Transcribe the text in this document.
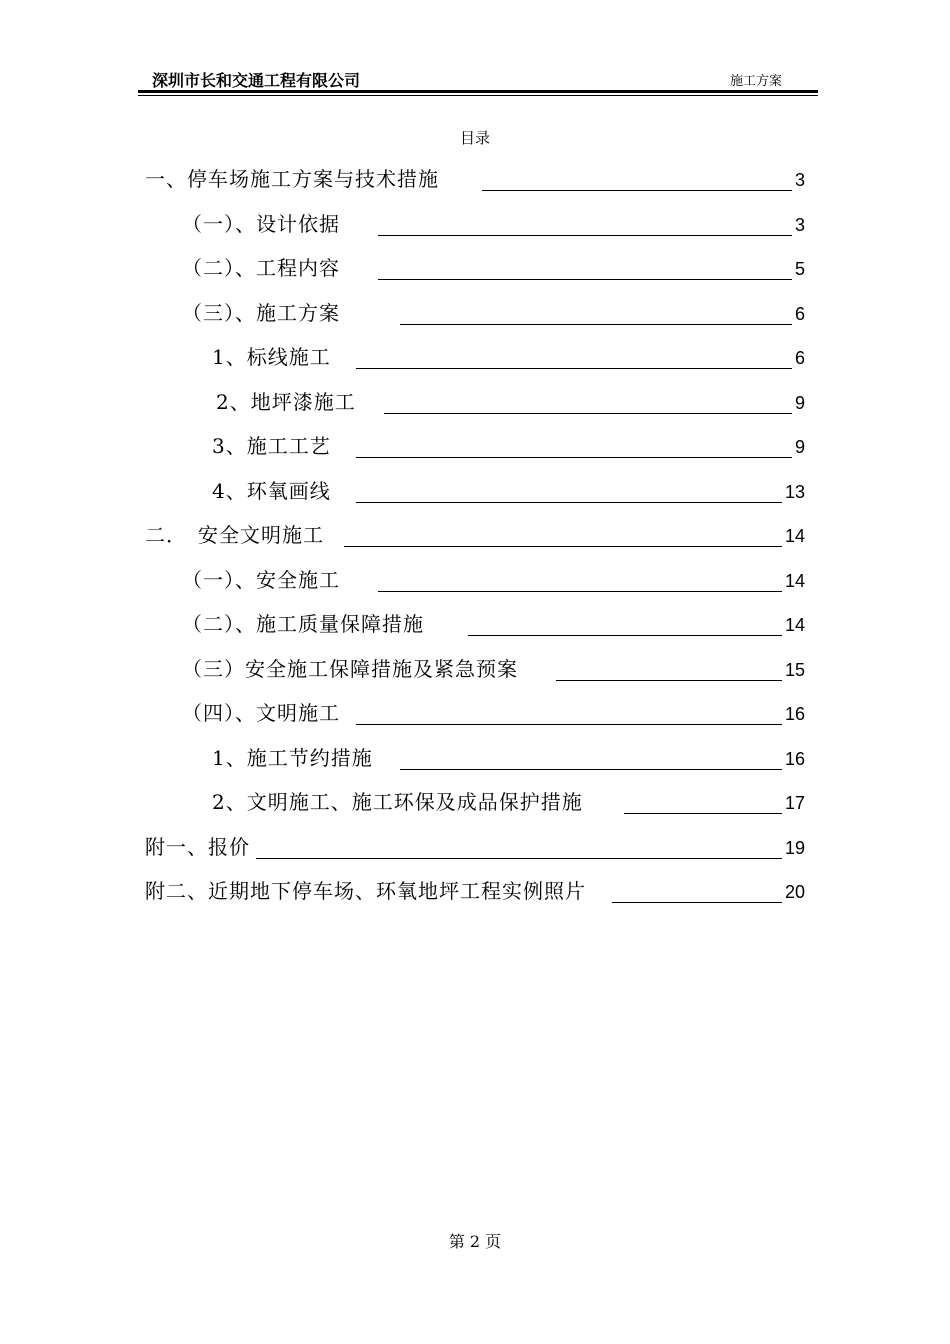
深圳市长和交通工程有限公司	施工方案
目录
一、停车场施工方案与技术措施	3
（一）、设计依据	3
（二）、工程内容	5
（三）、施工方案	6
1、标线施工	6
2、地坪漆施工	9
3、施工工艺	9
4、环氧画线	13
二．　安全文明施工	14
（一）、安全施工	14
（二）、施工质量保障措施	14
（三）安全施工保障措施及紧急预案	15
（四）、文明施工	16
1、施工节约措施	16
2、文明施工、施工环保及成品保护措施	17
附一、报价	19
附二、近期地下停车场、环氧地坪工程实例照片	20
第 2 页
